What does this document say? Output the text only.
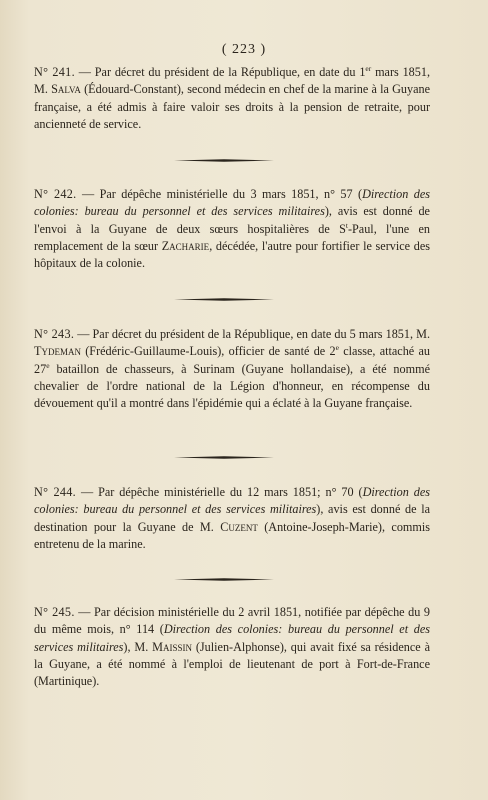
( 223 )

N° 241. — Par décret du président de la République, en date du 1er mars 1851, M. Salva (Édouard-Constant), second médecin en chef de la marine à la Guyane française, a été admis à faire valoir ses droits à la pension de retraite, pour ancienneté de service.

N° 242. — Par dépêche ministérielle du 3 mars 1851, n° 57 (Direction des colonies: bureau du personnel et des services militaires), avis est donné de l'envoi à la Guyane de deux sœurs hospitalières de $S^t$-Paul, l'une en remplacement de la sœur Zacharie, décédée, l'autre pour fortifier le service des hôpitaux de la colonie.

N° 243. — Par décret du président de la République, en date du 5 mars 1851, M. Tydeman (Frédéric-Guillaume-Louis), officier de santé de 2e classe, attaché au 27e bataillon de chasseurs, à Surinam (Guyane hollandaise), a été nommé chevalier de l'ordre national de la Légion d'honneur, en récompense du dévouement qu'il a montré dans l'épidémie qui a éclaté à la Guyane française.

N° 244. — Par dépêche ministérielle du 12 mars 1851; n° 70 (Direction des colonies: bureau du personnel et des services militaires), avis est donné de la destination pour la Guyane de M. Cuzent (Antoine-Joseph-Marie), commis entretenu de la marine.

N° 245. — Par décision ministérielle du 2 avril 1851, notifiée par dépêche du 9 du même mois, n° 114 (Direction des colonies: bureau du personnel et des services militaires), M. Maissin (Julien-Alphonse), qui avait fixé sa résidence à la Guyane, a été nommé à l'emploi de lieutenant de port à Fort-de-France (Martinique).
